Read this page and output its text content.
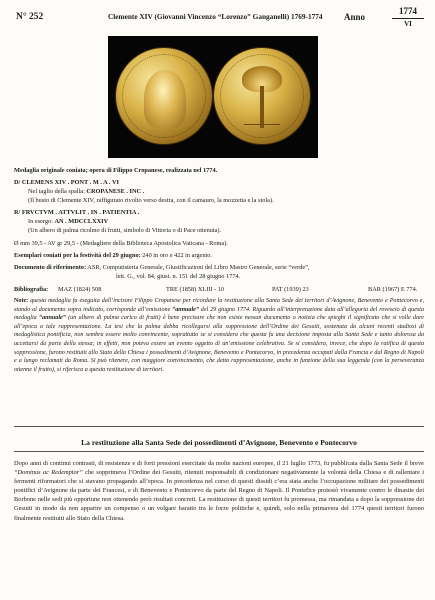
N° 252	Clemente XIV (Giovanni Vincenzo “Lorenzo” Ganganelli) 1769-1774 Anno
1774
VI
Medaglia originale coniata; opera di Filippo Cropanese, realizzata nel 1774.
D/ CLEMENS XIV . PONT . M . A . VI
Nel taglio della spalla: CROPANESE . INC .
(Il busto di Clemente XIV, raffigurato rivolto verso destra, con il camauro, la mozzetta e la stola).
R/ FRVCTVM . ATTVLIT . IN . PATIENTIA .
In esergo: AN . MDCCLXXIV
(Un albero di palma ricolmo di frutti, simbolo di Vittoria o di Pace ottenuta).
Ø mm 39,5 - AV gr 29,5 - (Medagliere della Biblioteca Apostolica Vaticana - Roma).
Esemplari coniati per la festività del 29 giugno: 240 in oro e 422 in argento.
Documento di riferimento: ASR, Computisteria Generale, Giustificazioni del Libro Mastro Generale, serie “verde”,
lett. G., vol. 84, giust. n. 151 del 28 giugno 1774.
Bibliografia: MAZ (1824) 508	TRE (1858) XLIII - 10	PAT (1939) 23	BAR (1967) E 774.
Note: questa medaglia fu eseguita dall’incisore Filippo Cropanese per ricordare la restituzione alla Santa Sede dei territori d’Avignone, Benevento e Pontecorvo e, stando al documento sopra indicato, corrisponde all’emissione “annuale” del 29 giugno 1774. Riguardo all’interpretazione data all’allegoria del rovescio di questa medaglia “annuale” (un albero di palma carico di frutti) è bene precisare che non esiste nessun documento o notizia che spieghi il significato che si volle dare all’epoca a tale rappresentazione. La tesi che la palma debba ricollegarsi alla soppressione dell’Ordine dei Gesuiti, sostenuta da alcuni recenti studiosi di medaglistica pontificia, non sembra essere molto convincente, soprattutto se si considera che questa fu una decisione imposta alla Santa Sede e tanto dolorosa da accettarsi da parte della stessa; in effetti, non poteva essere un evento oggetto di un’emissione celebrativa. Se si considera, invece, che dopo la ratifica di questa soppressione, furono restituiti allo Stato della Chiesa i possedimenti d’Avignone, Benevento e Pontecorvo, in precedenza occupati dalla Francia e dal Regno di Napoli e a lungo reclamati da Roma. Si può ritenere, con maggiore convincimento, che detta rappresentazione, anche in funzione della sua leggenda (con la perseveranza ottenne il frutto), si riferisca a questa restituzione di territori.
La restituzione alla Santa Sede dei possedimenti d’Avignone, Benevento e Pontecorvo
Dopo anni di continui contrasti, di resistenze e di forti pressioni esercitate da molte nazioni europee, il 21 luglio 1773, fu pubblicata dalla Santa Sede il breve “Dominus ac Redemptor” che sopprimeva l’Ordine dei Gesuiti, ritenuti responsabili di condizionare negativamente la volontà della Chiesa e di rallentare i fermenti riformatori che si stavano propagando all’epoca. In precedenza nel corso di questi dissidi c’era stata anche l’occupazione militare dei possedimenti pontifici d’Avignone da parte dei Francesi, e di Benevento e Pontecorvo da parte del Regno di Napoli. Il Pontefice protestò vivamente contro le dinastie dei Borbone nelle sedi più opportune non ottenendo però risultati concreti. La restituzione di questi territori fu promessa, ma rimandata a dopo la soppressione dei Gesuiti in modo da non apparire un compenso o un volgare baratto tra le forze politiche e, quindi, solo nella primavera del 1774 questi territori furono finalmente restituiti allo Stato della Chiesa.
